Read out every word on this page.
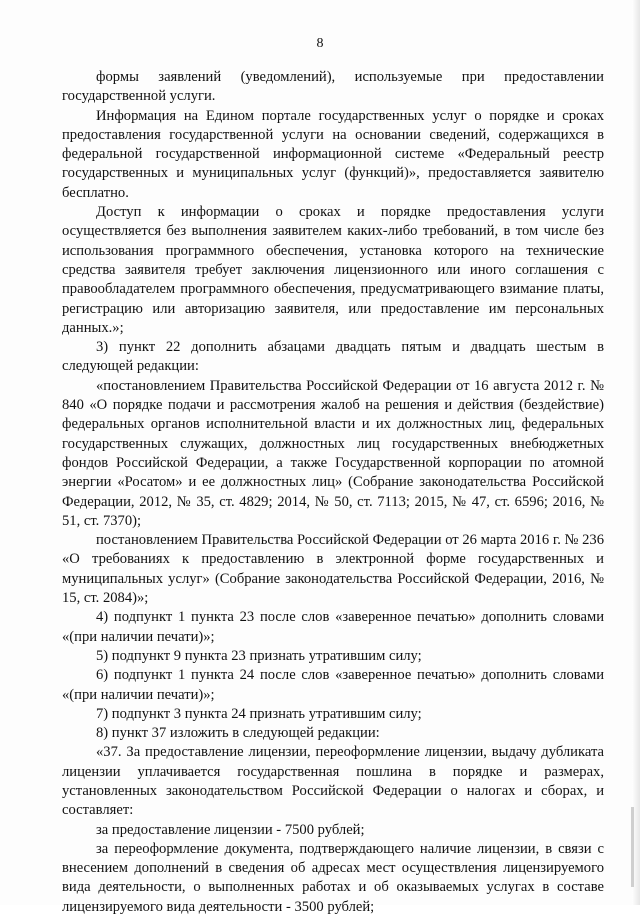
8

формы заявлений (уведомлений), используемые при предоставлении государственной услуги.

Информация на Едином портале государственных услуг о порядке и сроках предоставления государственной услуги на основании сведений, содержащихся в федеральной государственной информационной системе «Федеральный реестр государственных и муниципальных услуг (функций)», предоставляется заявителю бесплатно.

Доступ к информации о сроках и порядке предоставления услуги осуществляется без выполнения заявителем каких-либо требований, в том числе без использования программного обеспечения, установка которого на технические средства заявителя требует заключения лицензионного или иного соглашения с правообладателем программного обеспечения, предусматривающего взимание платы, регистрацию или авторизацию заявителя, или предоставление им персональных данных.»;

3) пункт 22 дополнить абзацами двадцать пятым и двадцать шестым в следующей редакции:

«постановлением Правительства Российской Федерации от 16 августа 2012 г. № 840 «О порядке подачи и рассмотрения жалоб на решения и действия (бездействие) федеральных органов исполнительной власти и их должностных лиц, федеральных государственных служащих, должностных лиц государственных внебюджетных фондов Российской Федерации, а также Государственной корпорации по атомной энергии «Росатом» и ее должностных лиц» (Собрание законодательства Российской Федерации, 2012, № 35, ст. 4829; 2014, № 50, ст. 7113; 2015, № 47, ст. 6596; 2016, № 51, ст. 7370);

постановлением Правительства Российской Федерации от 26 марта 2016 г. № 236 «О требованиях к предоставлению в электронной форме государственных и муниципальных услуг» (Собрание законодательства Российской Федерации, 2016, № 15, ст. 2084)»;

4) подпункт 1 пункта 23 после слов «заверенное печатью» дополнить словами «(при наличии печати)»;

5) подпункт 9 пункта 23 признать утратившим силу;

6) подпункт 1 пункта 24 после слов «заверенное печатью» дополнить словами «(при наличии печати)»;

7) подпункт 3 пункта 24 признать утратившим силу;

8) пункт 37 изложить в следующей редакции:

«37. За предоставление лицензии, переоформление лицензии, выдачу дубликата лицензии уплачивается государственная пошлина в порядке и размерах, установленных законодательством Российской Федерации о налогах и сборах, и составляет:

за предоставление лицензии - 7500 рублей;

за переоформление документа, подтверждающего наличие лицензии, в связи с внесением дополнений в сведения об адресах мест осуществления лицензируемого вида деятельности, о выполненных работах и об оказываемых услугах в составе лицензируемого вида деятельности - 3500 рублей;
